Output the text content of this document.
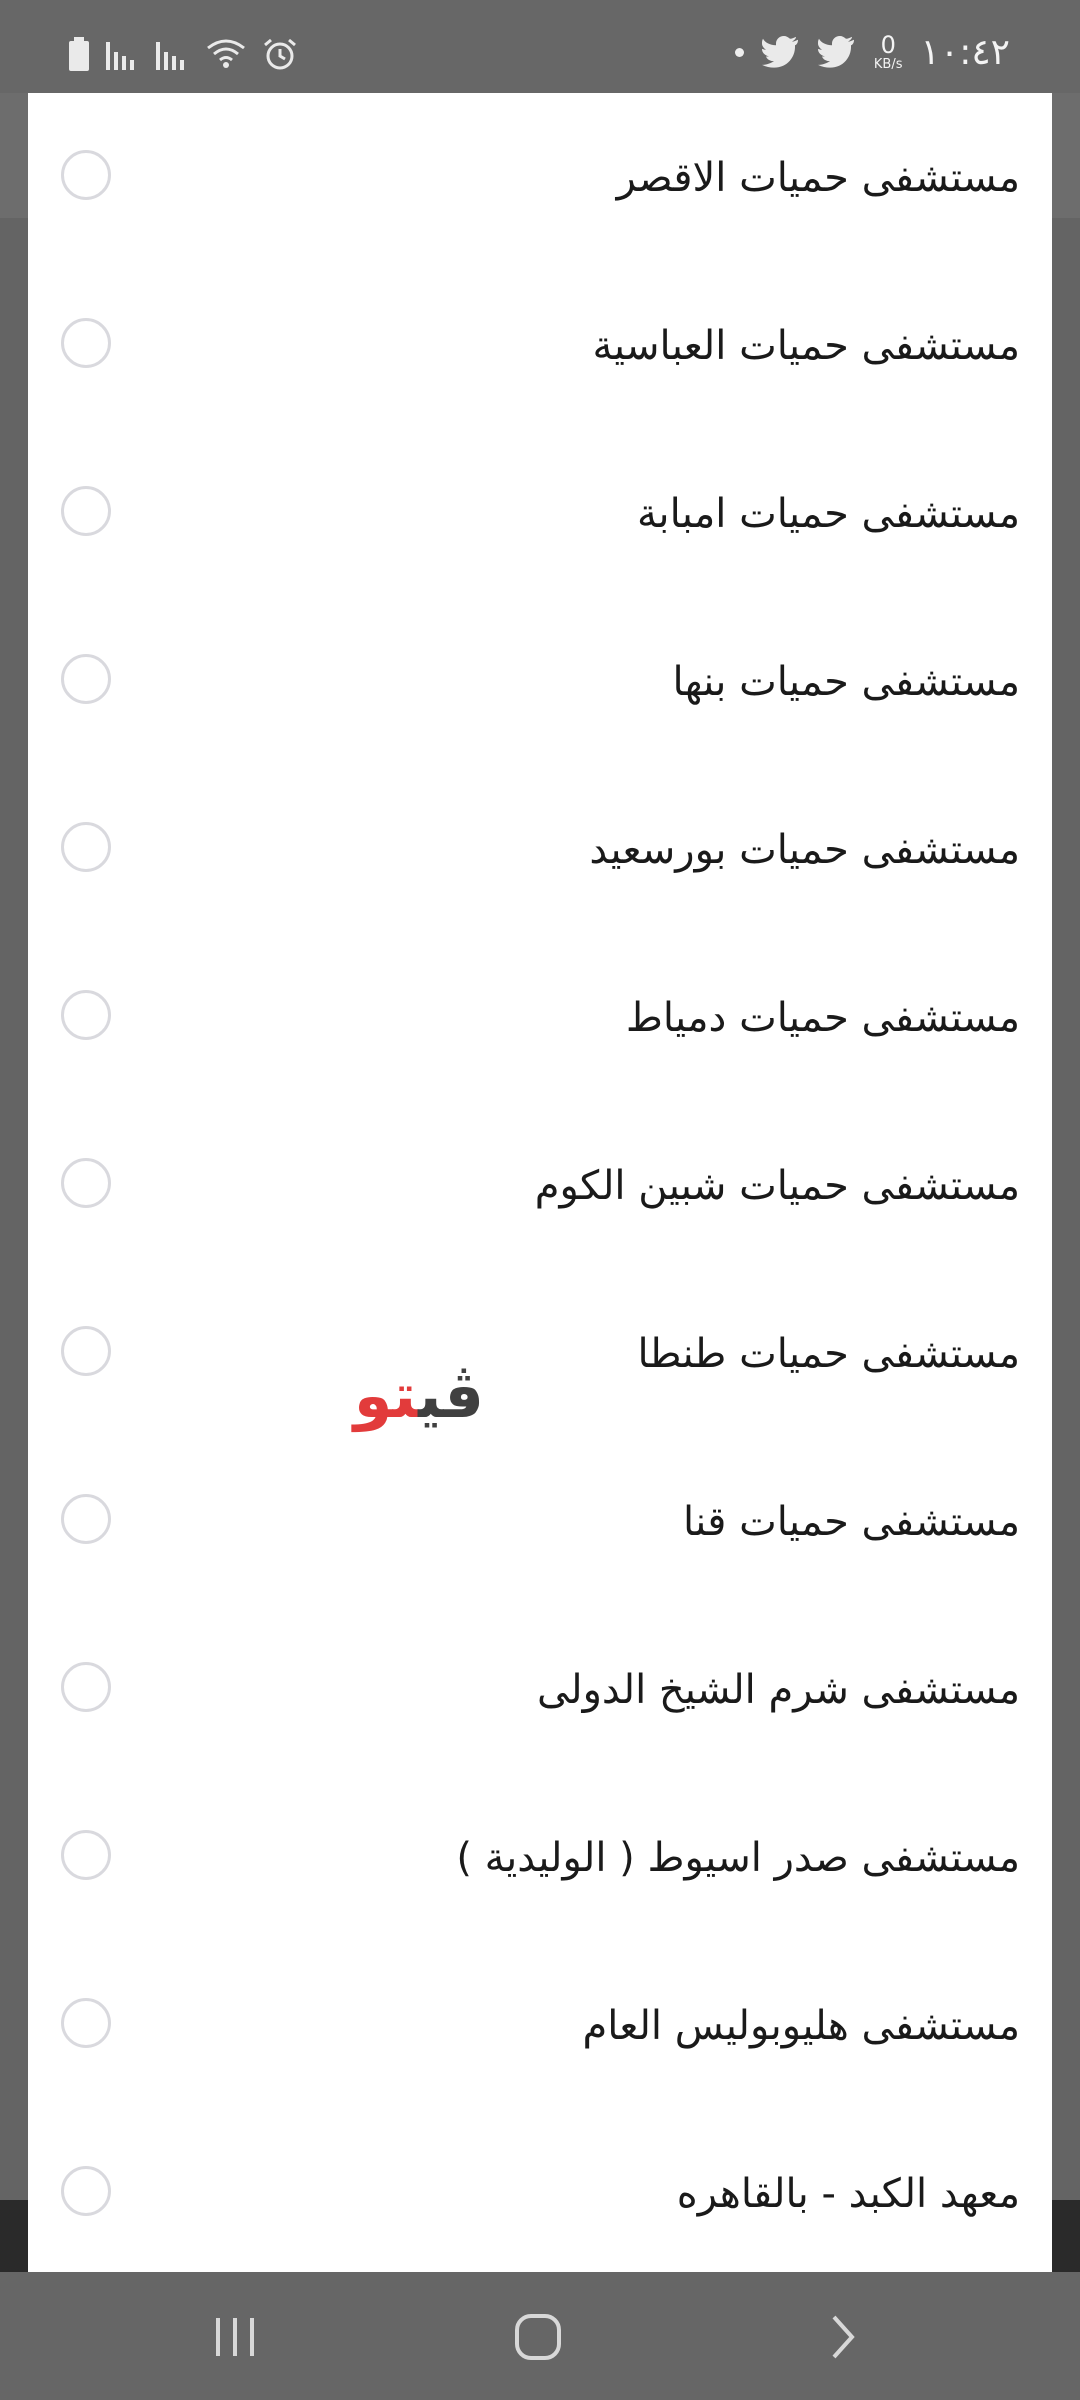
0
KB/s ١٠:٤٢
مستشفى حميات الاقصر
مستشفى حميات العباسية
مستشفى حميات امبابة
مستشفى حميات بنها
مستشفى حميات بورسعيد
مستشفى حميات دمياط
مستشفى حميات شبين الكوم
مستشفى حميات طنطا
مستشفى حميات قنا
مستشفى شرم الشيخ الدولى
مستشفى صدر اسيوط ( الوليدية )
مستشفى هليوبوليس العام
معهد الكبد - بالقاهره
ڤيتو
